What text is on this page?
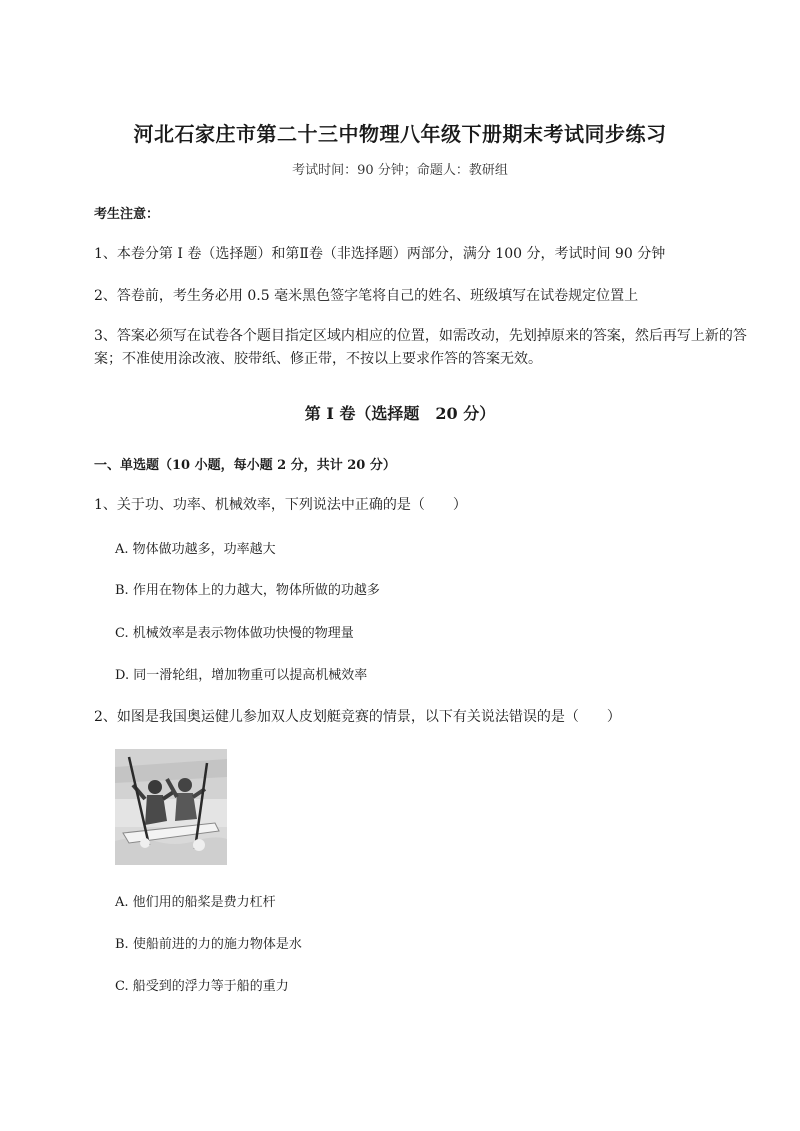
河北石家庄市第二十三中物理八年级下册期末考试同步练习
考试时间：90 分钟；命题人：教研组
考生注意：
1、本卷分第 I 卷（选择题）和第Ⅱ卷（非选择题）两部分，满分 100 分，考试时间 90 分钟
2、答卷前，考生务必用 0.5 毫米黑色签字笔将自己的姓名、班级填写在试卷规定位置上
3、答案必须写在试卷各个题目指定区域内相应的位置，如需改动，先划掉原来的答案，然后再写上新的答案；不准使用涂改液、胶带纸、修正带，不按以上要求作答的答案无效。
第 I 卷（选择题　20 分）
一、单选题（10 小题，每小题 2 分，共计 20 分）
1、关于功、功率、机械效率，下列说法中正确的是（　　）
A. 物体做功越多，功率越大
B. 作用在物体上的力越大，物体所做的功越多
C. 机械效率是表示物体做功快慢的物理量
D. 同一滑轮组，增加物重可以提高机械效率
2、如图是我国奥运健儿参加双人皮划艇竞赛的情景，以下有关说法错误的是（　　）
A. 他们用的船桨是费力杠杆
B. 使船前进的力的施力物体是水
C. 船受到的浮力等于船的重力
